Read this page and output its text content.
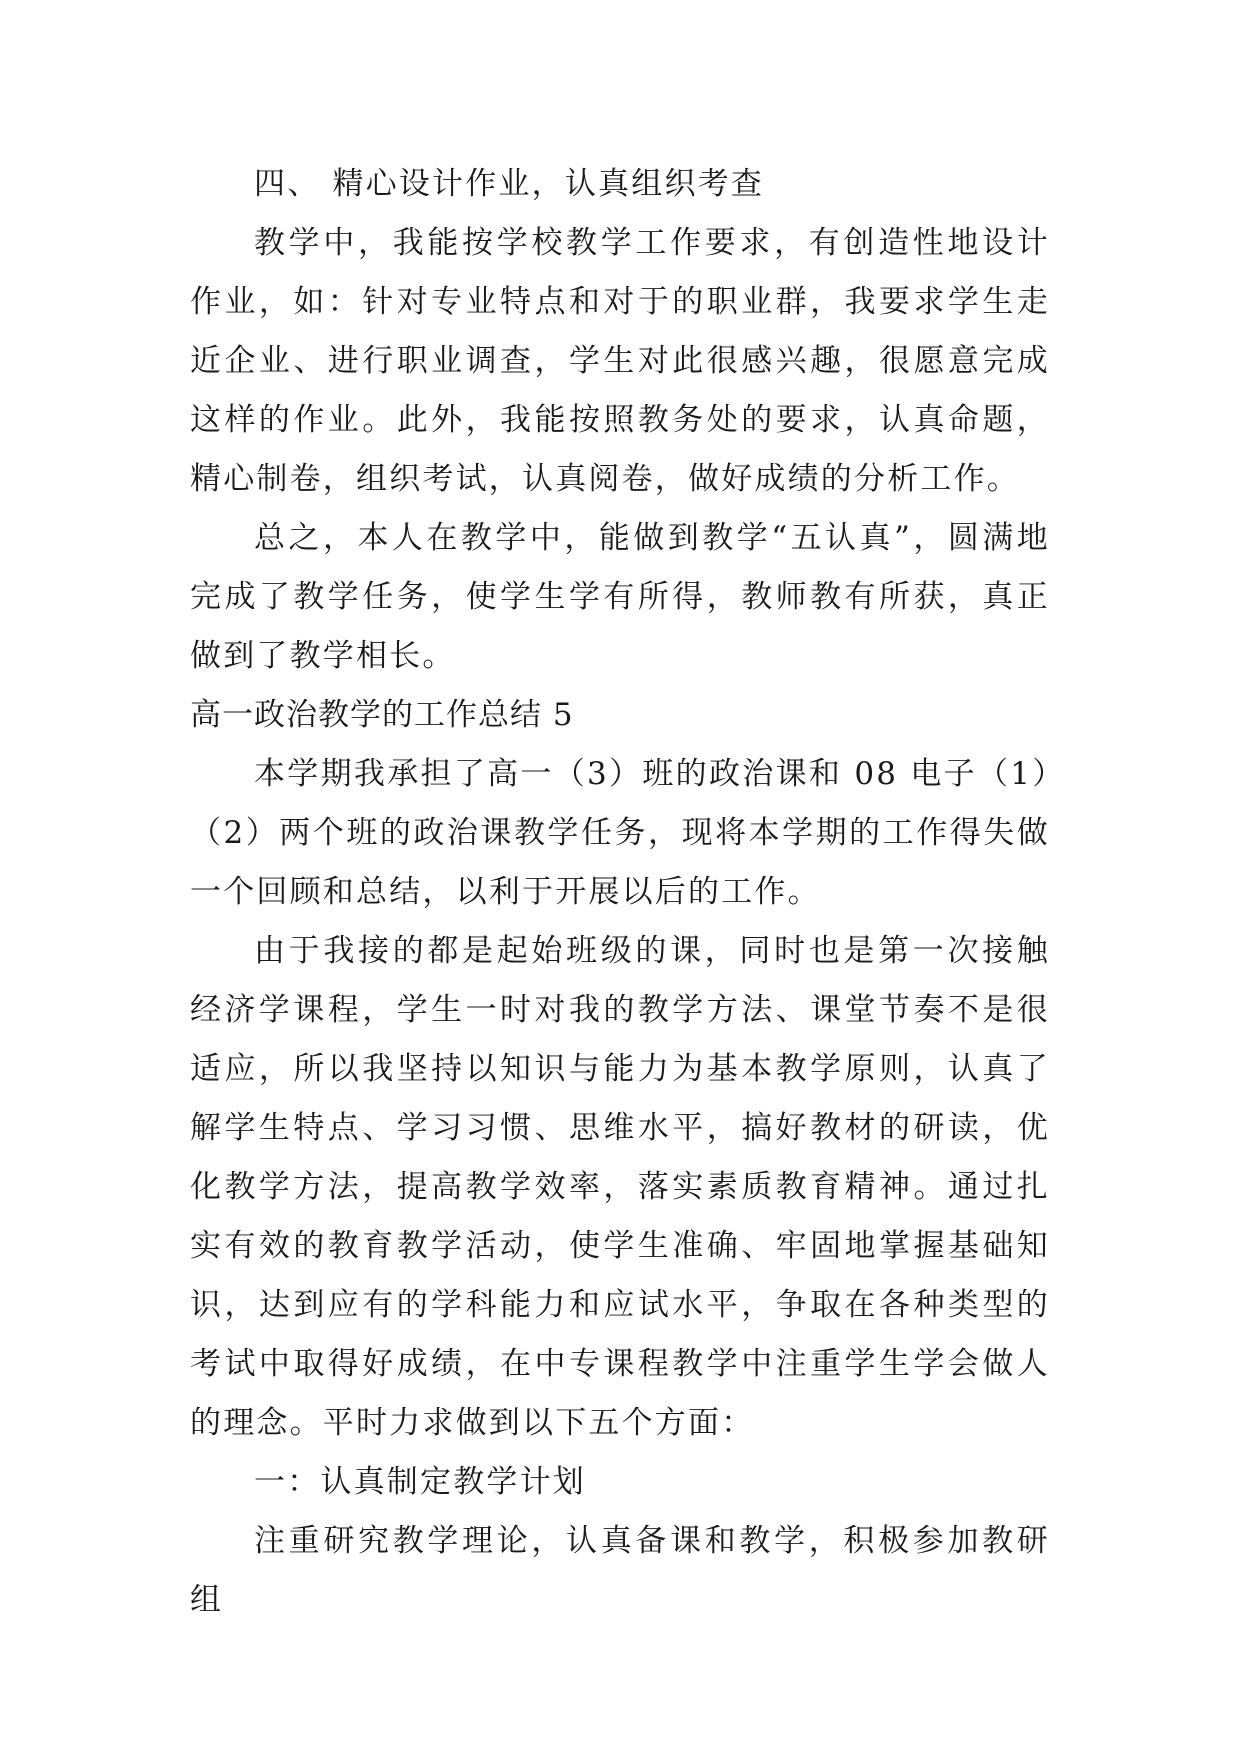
四、 精心设计作业，认真组织考查

教学中，我能按学校教学工作要求，有创造性地设计作业，如：针对专业特点和对于的职业群，我要求学生走近企业、进行职业调查，学生对此很感兴趣，很愿意完成这样的作业。此外，我能按照教务处的要求，认真命题，精心制卷，组织考试，认真阅卷，做好成绩的分析工作。

总之，本人在教学中，能做到教学“五认真”，圆满地完成了教学任务，使学生学有所得，教师教有所获，真正做到了教学相长。

高一政治教学的工作总结 5

本学期我承担了高一（3）班的政治课和 08 电子（1）（2）两个班的政治课教学任务，现将本学期的工作得失做一个回顾和总结，以利于开展以后的工作。

由于我接的都是起始班级的课，同时也是第一次接触经济学课程，学生一时对我的教学方法、课堂节奏不是很适应，所以我坚持以知识与能力为基本教学原则，认真了解学生特点、学习习惯、思维水平，搞好教材的研读，优化教学方法，提高教学效率，落实素质教育精神。通过扎实有效的教育教学活动，使学生准确、牢固地掌握基础知识，达到应有的学科能力和应试水平，争取在各种类型的考试中取得好成绩，在中专课程教学中注重学生学会做人的理念。平时力求做到以下五个方面：

一：认真制定教学计划

注重研究教学理论，认真备课和教学，积极参加教研组
